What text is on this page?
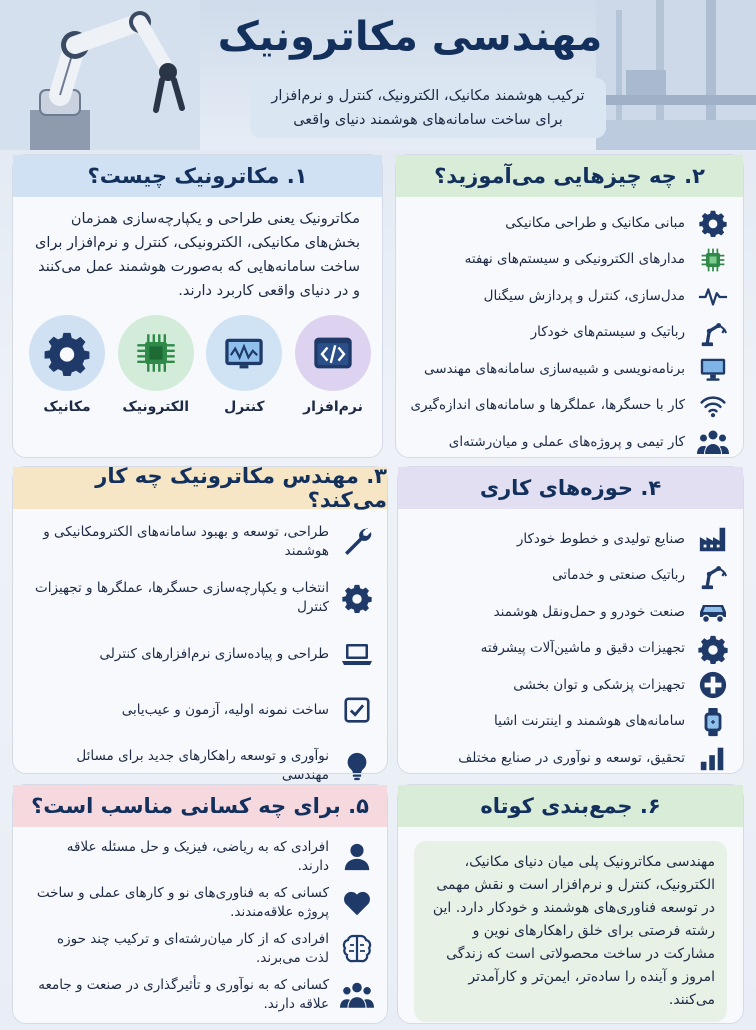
مهندسی مکاترونیک
ترکیب هوشمند مکانیک، الکترونیک، کنترل و نرم‌افزار
برای ساخت سامانه‌های هوشمند دنیای واقعی
۱. مکاترونیک چیست؟
مکاترونیک یعنی طراحی و یکپارچه‌سازی همزمان بخش‌های مکانیکی، الکترونیکی، کنترل و نرم‌افزار برای ساخت سامانه‌هایی که به‌صورت هوشمند عمل می‌کنند و در دنیای واقعی کاربرد دارند.
نرم‌افزار
کنترل
الکترونیک
مکانیک
۲. چه چیزهایی می‌آموزید؟
مبانی مکانیک و طراحی مکانیکی
مدارهای الکترونیکی و سیستم‌های نهفته
مدل‌سازی، کنترل و پردازش سیگنال
رباتیک و سیستم‌های خودکار
برنامه‌نویسی و شبیه‌سازی سامانه‌های مهندسی
کار با حسگرها، عملگرها و سامانه‌های اندازه‌گیری
کار تیمی و پروژه‌های عملی و میان‌رشته‌ای
۳. مهندس مکاترونیک چه کار می‌کند؟
طراحی، توسعه و بهبود سامانه‌های الکترومکانیکی و هوشمند
انتخاب و یکپارچه‌سازی حسگرها، عملگرها و تجهیزات کنترل
طراحی و پیاده‌سازی نرم‌افزارهای کنترلی
ساخت نمونه اولیه، آزمون و عیب‌یابی
نوآوری و توسعه راهکارهای جدید برای مسائل مهندسی
۴. حوزه‌های کاری
صنایع تولیدی و خطوط خودکار
رباتیک صنعتی و خدماتی
صنعت خودرو و حمل‌ونقل هوشمند
تجهیزات دقیق و ماشین‌آلات پیشرفته
تجهیزات پزشکی و توان بخشی
سامانه‌های هوشمند و اینترنت اشیا
تحقیق، توسعه و نوآوری در صنایع مختلف
۵. برای چه کسانی مناسب است؟
افرادی که به ریاضی، فیزیک و حل مسئله علاقه دارند.
کسانی که به فناوری‌های نو و کارهای عملی و ساخت پروژه علاقه‌مندند.
افرادی که از کار میان‌رشته‌ای و ترکیب چند حوزه لذت می‌برند.
کسانی که به نوآوری و تأثیرگذاری در صنعت و جامعه علاقه دارند.
۶. جمع‌بندی کوتاه
مهندسی مکاترونیک پلی میان دنیای مکانیک، الکترونیک، کنترل و نرم‌افزار است و نقش مهمی در توسعه فناوری‌های هوشمند و خودکار دارد. این رشته فرصتی برای خلق راهکارهای نوین و مشارکت در ساخت محصولاتی است که زندگی امروز و آینده را ساده‌تر، ایمن‌تر و کارآمدتر می‌کنند.
